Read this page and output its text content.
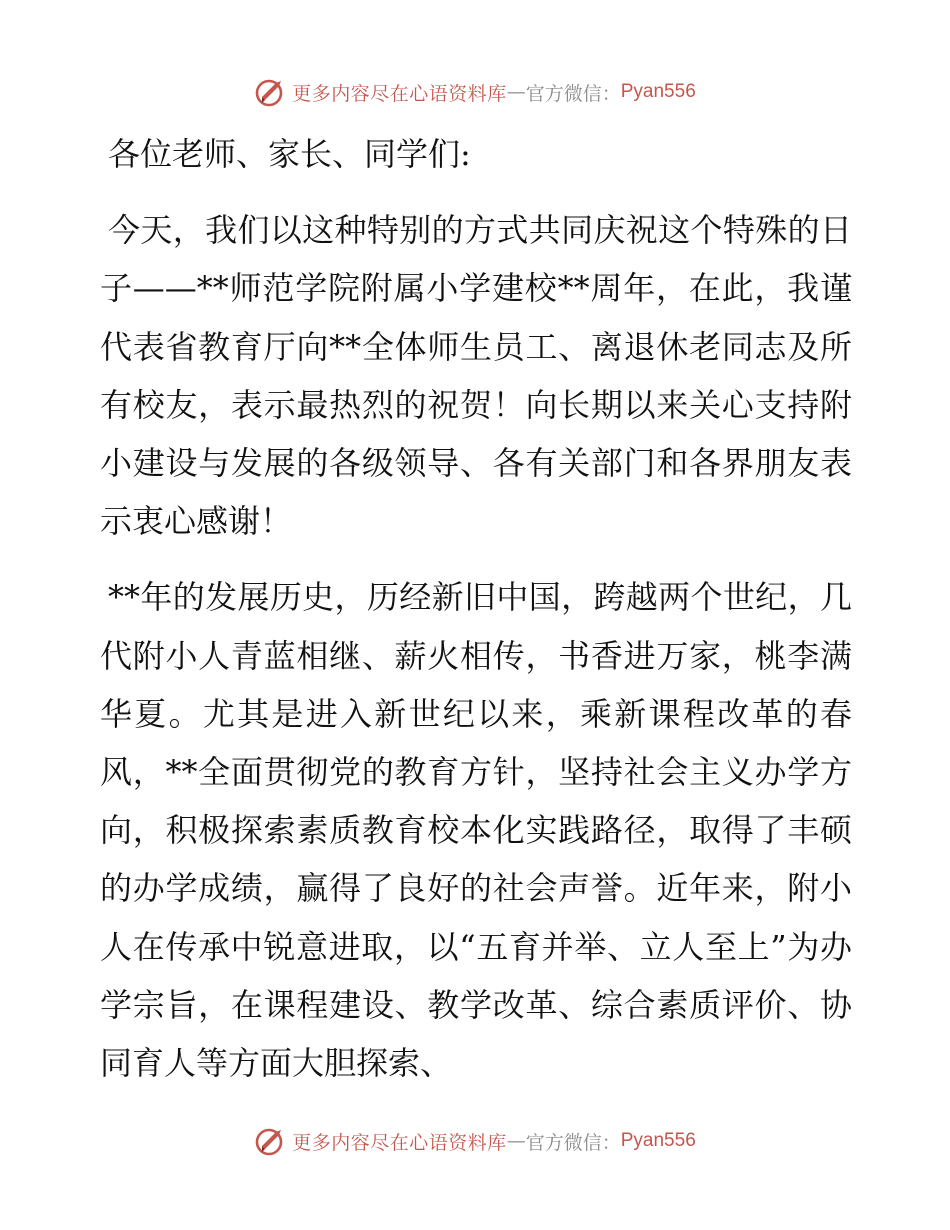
更多内容尽在心语资料库 — 官方微信： Pyan556

各位老师、家长、同学们:

今天，我们以这种特别的方式共同庆祝这个特殊的日子——**师范学院附属小学建校**周年，在此，我谨代表省教育厅向**全体师生员工、离退休老同志及所有校友，表示最热烈的祝贺！向长期以来关心支持附小建设与发展的各级领导、各有关部门和各界朋友表示衷心感谢！

**年的发展历史，历经新旧中国，跨越两个世纪，几代附小人青蓝相继、薪火相传，书香进万家，桃李满华夏。尤其是进入新世纪以来，乘新课程改革的春风，**全面贯彻党的教育方针，坚持社会主义办学方向，积极探索素质教育校本化实践路径，取得了丰硕的办学成绩，赢得了良好的社会声誉。近年来，附小人在传承中锐意进取，以“五育并举、立人至上”为办学宗旨，在课程建设、教学改革、综合素质评价、协同育人等方面大胆探索、

更多内容尽在心语资料库 — 官方微信： Pyan556
